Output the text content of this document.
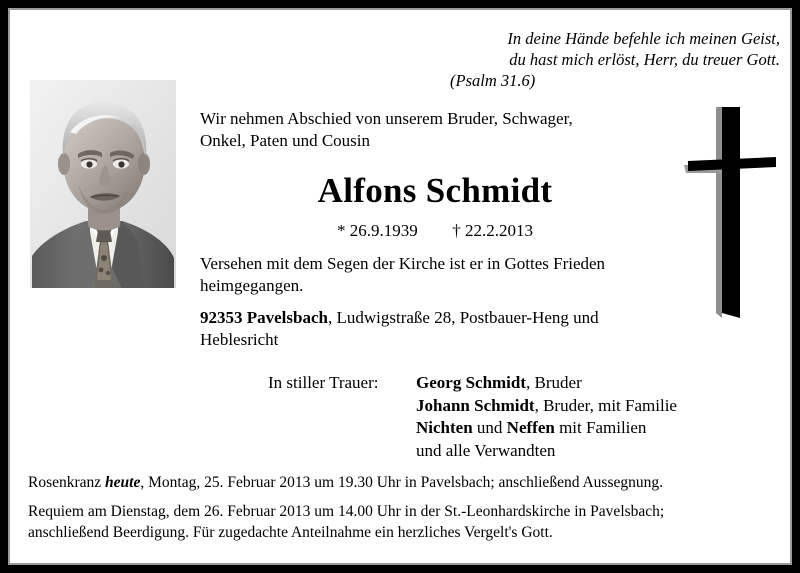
In deine Hände befehle ich meinen Geist,
du hast mich erlöst, Herr, du treuer Gott.
(Psalm 31.6)
Wir nehmen Abschied von unserem Bruder, Schwager,
Onkel, Paten und Cousin
Alfons Schmidt
* 26.9.1939 † 22.2.2013
Versehen mit dem Segen der Kirche ist er in Gottes Frieden
heimgegangen.
92353 Pavelsbach, Ludwigstraße 28, Postbauer-Heng und
Heblesricht
In stiller Trauer: Georg Schmidt, Bruder
Johann Schmidt, Bruder, mit Familie
Nichten und Neffen mit Familien
und alle Verwandten
Rosenkranz heute, Montag, 25. Februar 2013 um 19.30 Uhr in Pavelsbach; anschließend Aussegnung.
Requiem am Dienstag, dem 26. Februar 2013 um 14.00 Uhr in der St.-Leonhardskirche in Pavelsbach;
anschließend Beerdigung. Für zugedachte Anteilnahme ein herzliches Vergelt's Gott.
